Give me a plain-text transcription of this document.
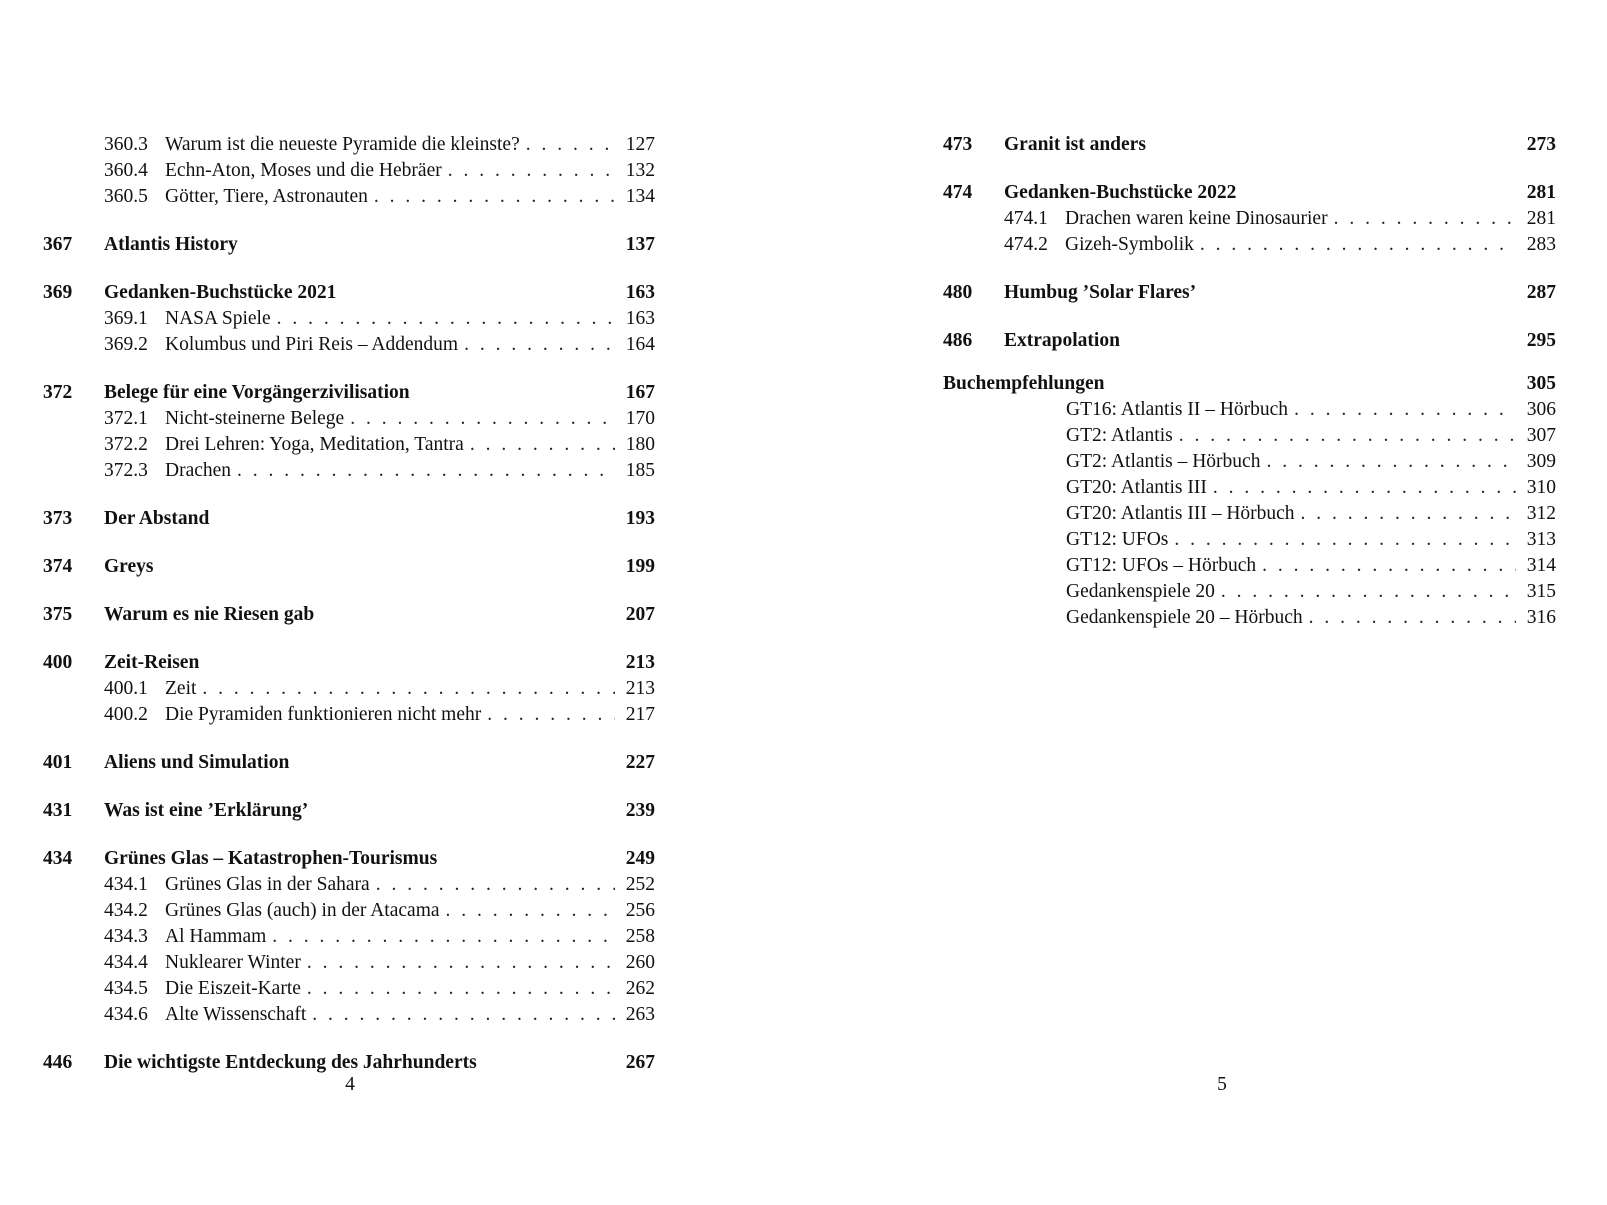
360.3 Warum ist die neueste Pyramide die kleinste? . . .	127
360.4 Echn-Aton, Moses und die Hebräer . . .	132
360.5 Götter, Tiere, Astronauten . . .	134
367 Atlantis History	137
369 Gedanken-Buchstücke 2021	163
369.1 NASA Spiele . . .	163
369.2 Kolumbus und Piri Reis – Addendum . . .	164
372 Belege für eine Vorgängerzivilisation	167
372.1 Nicht-steinerne Belege . . .	170
372.2 Drei Lehren: Yoga, Meditation, Tantra . . .	180
372.3 Drachen . . .	185
373 Der Abstand	193
374 Greys	199
375 Warum es nie Riesen gab	207
400 Zeit-Reisen	213
400.1 Zeit . . .	213
400.2 Die Pyramiden funktionieren nicht mehr . . .	217
401 Aliens und Simulation	227
431 Was ist eine ’Erklärung’	239
434 Grünes Glas – Katastrophen-Tourismus	249
434.1 Grünes Glas in der Sahara . . .	252
434.2 Grünes Glas (auch) in der Atacama . . .	256
434.3 Al Hammam . . .	258
434.4 Nuklearer Winter . . .	260
434.5 Die Eiszeit-Karte . . .	262
434.6 Alte Wissenschaft . . .	263
446 Die wichtigste Entdeckung des Jahrhunderts	267
4
473 Granit ist anders	273
474 Gedanken-Buchstücke 2022	281
474.1 Drachen waren keine Dinosaurier . . .	281
474.2 Gizeh-Symbolik . . .	283
480 Humbug ’Solar Flares’	287
486 Extrapolation	295
Buchempfehlungen	305
GT16: Atlantis II – Hörbuch . . .	306
GT2: Atlantis . . .	307
GT2: Atlantis – Hörbuch . . .	309
GT20: Atlantis III . . .	310
GT20: Atlantis III – Hörbuch . . .	312
GT12: UFOs . . .	313
GT12: UFOs – Hörbuch . . .	314
Gedankenspiele 20 . . .	315
Gedankenspiele 20 – Hörbuch . . .	316
5
